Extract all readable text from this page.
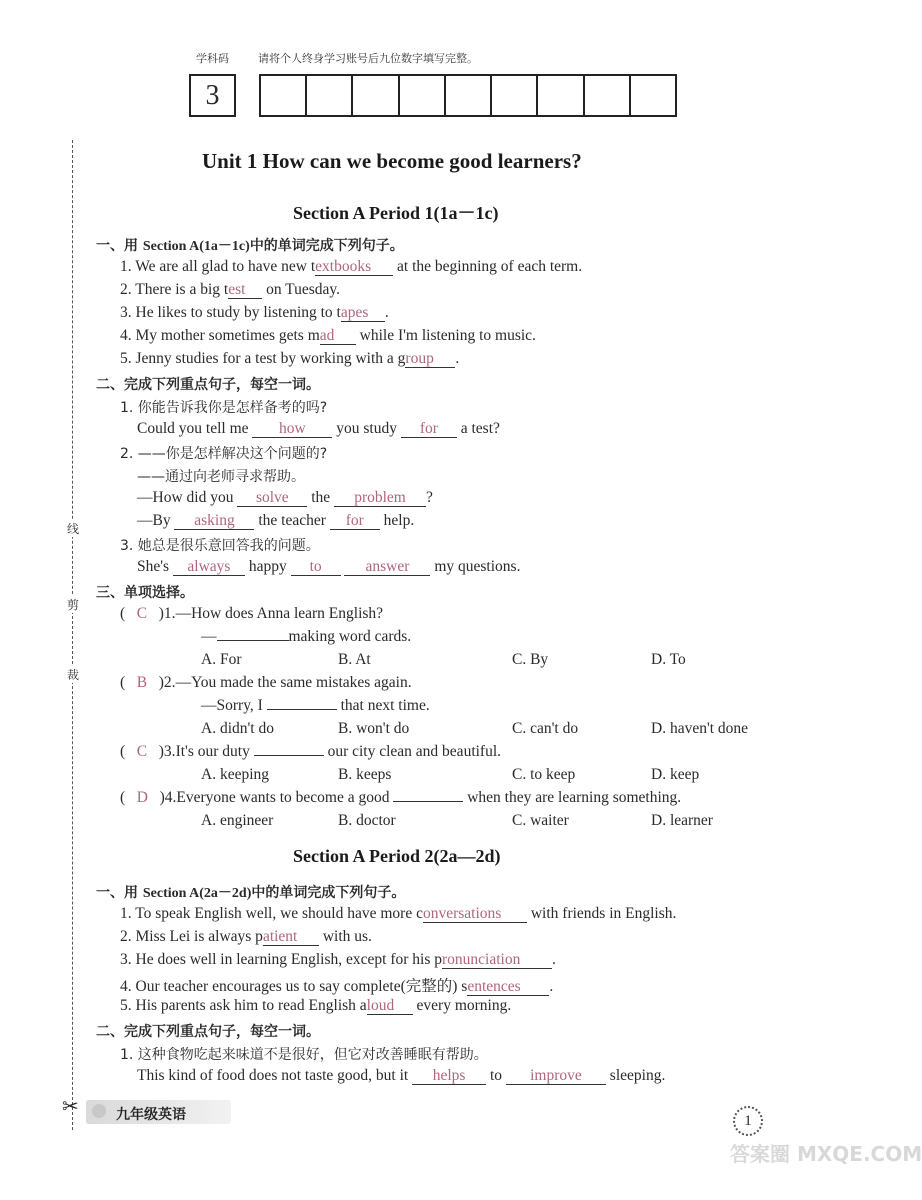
学科码	请将个人终身学习账号后九位数字填写完整。
3
线
剪
裁
✂
Unit 1 How can we become good learners?
Section A Period 1(1a－1c)
一、用 Section A(1a－1c)中的单词完成下列句子。
1. We are all glad to have new textbooks at the beginning of each term.
2. There is a big test on Tuesday.
3. He likes to study by listening to tapes .
4. My mother sometimes gets mad while I'm listening to music.
5. Jenny studies for a test by working with a group .
二、完成下列重点句子，每空一词。
1. 你能告诉我你是怎样备考的吗?
Could you tell me how you study for a test?
2. ——你是怎样解决这个问题的?
——通过向老师寻求帮助。
—How did you solve the problem ?
—By asking the teacher for help.
3. 她总是很乐意回答我的问题。
She's always happy to	answer my questions.
三、单项选择。
(   C )1.—How does Anna learn English?
—	making word cards.
A. For	B. At	C. By	D. To
(   B )2.—You made the same mistakes again.
—Sorry, I	that next time.
A. didn't do	B. won't do	C. can't do	D. haven't done
(   C )3.It's our duty	our city clean and beautiful.
A. keeping	B. keeps	C. to keep	D. keep
(   D )4.Everyone wants to become a good	when they are learning something.
A. engineer	B. doctor	C. waiter	D. learner
Section A Period 2(2a—2d)
一、用 Section A(2a－2d)中的单词完成下列句子。
1. To speak English well, we should have more conversations with friends in English.
2. Miss Lei is always patient with us.
3. He does well in learning English, except for his pronunciation .
4. Our teacher encourages us to say complete(完整的) sentences .
5. His parents ask him to read English aloud every morning.
二、完成下列重点句子，每空一词。
1. 这种食物吃起来味道不是很好，但它对改善睡眠有帮助。
This kind of food does not taste good, but it helps to improve sleeping.
九年级英语	1
答案圈 MXQE.COM
